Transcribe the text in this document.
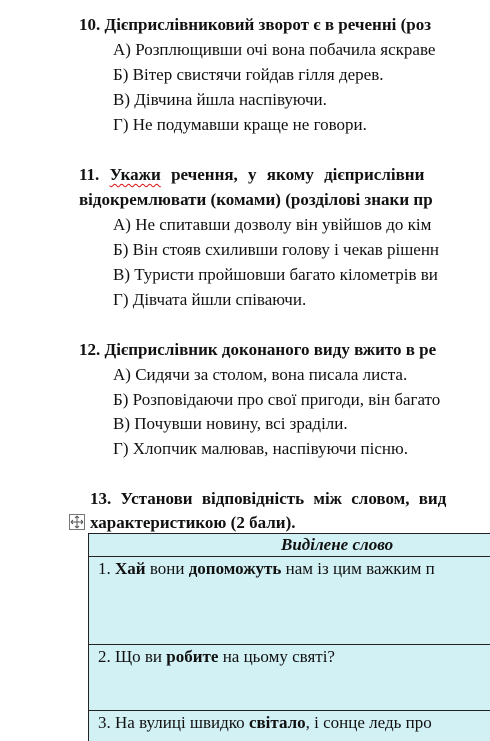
10. Дієприслівниковий зворот є в реченні (роз
А) Розплющивши очі вона побачила яскраве
Б) Вітер свистячи гойдав гілля дерев.
В) Дівчина йшла наспівуючи.
Г) Не подумавши краще не говори.
11. Укажи речення, у якому дієприслівни
відокремлювати (комами) (розділові знаки пр
А) Не спитавши дозволу він увійшов до кім
Б) Він стояв схиливши голову і чекав рішенн
В) Туристи пройшовши багато кілометрів ви
Г) Дівчата йшли співаючи.
12. Дієприслівник доконаного виду вжито в ре
А) Сидячи за столом, вона писала листа.
Б) Розповідаючи про свої пригоди, він багато
В) Почувши новину, всі зраділи.
Г) Хлопчик малював, наспівуючи пісню.
13. Установи відповідність між словом, вид
характеристикою (2 бали).
Виділене слово
1. Хай вони допоможуть нам із цим важким п
2. Що ви робите на цьому святі?
3. На вулиці швидко світало, і сонце ледь про
